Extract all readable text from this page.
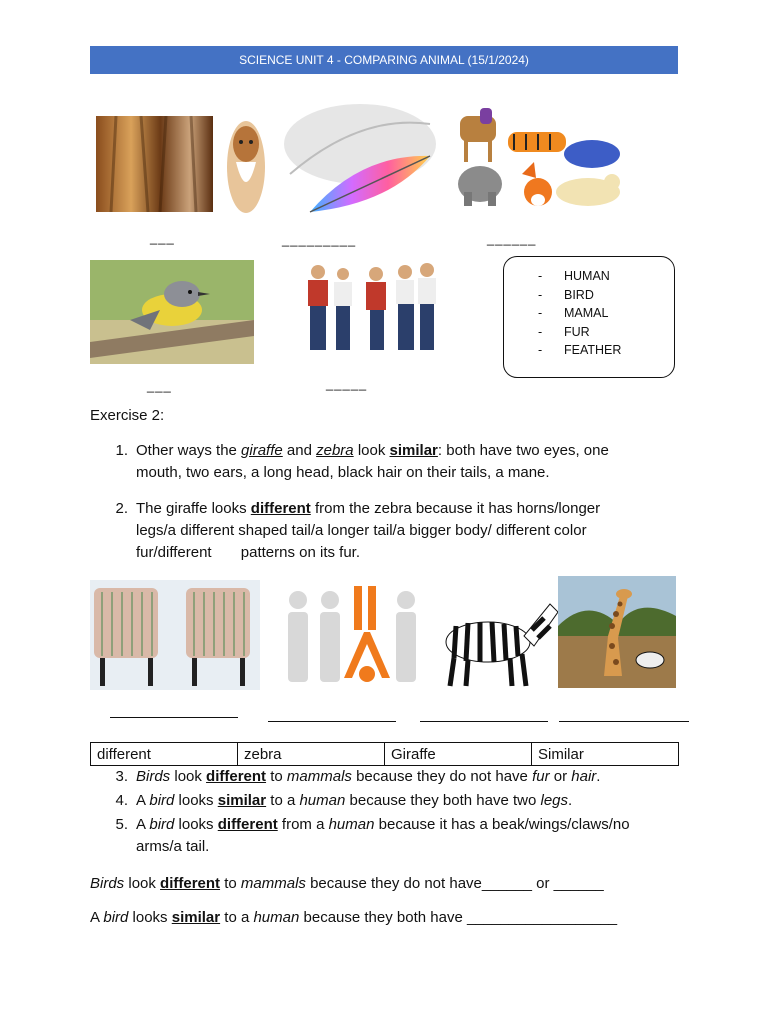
SCIENCE UNIT 4 - COMPARING ANIMAL (15/1/2024)
___	_________	______
- HUMAN
- BIRD
- MAMAL
- FUR
- FEATHER
___	_____
Exercise 2:
1. Other ways the giraffe and zebra look similar: both have two eyes, one
mouth, two ears, a long head, black hair on their tails, a mane.
2. The giraffe looks different from the zebra because it has horns/longer
legs/a different shaped tail/a longer tail/a bigger body/ different color
fur/different       patterns on its fur.
different	zebra	Giraffe	Similar
3. Birds look different to mammals because they do not have fur or hair.
4. A bird looks similar to a human because they both have two legs.
5. A bird looks different from a human because it has a beak/wings/claws/no
arms/a tail.
Birds look different to mammals because they do not have______ or ______
A bird looks similar to a human because they both have __________________
